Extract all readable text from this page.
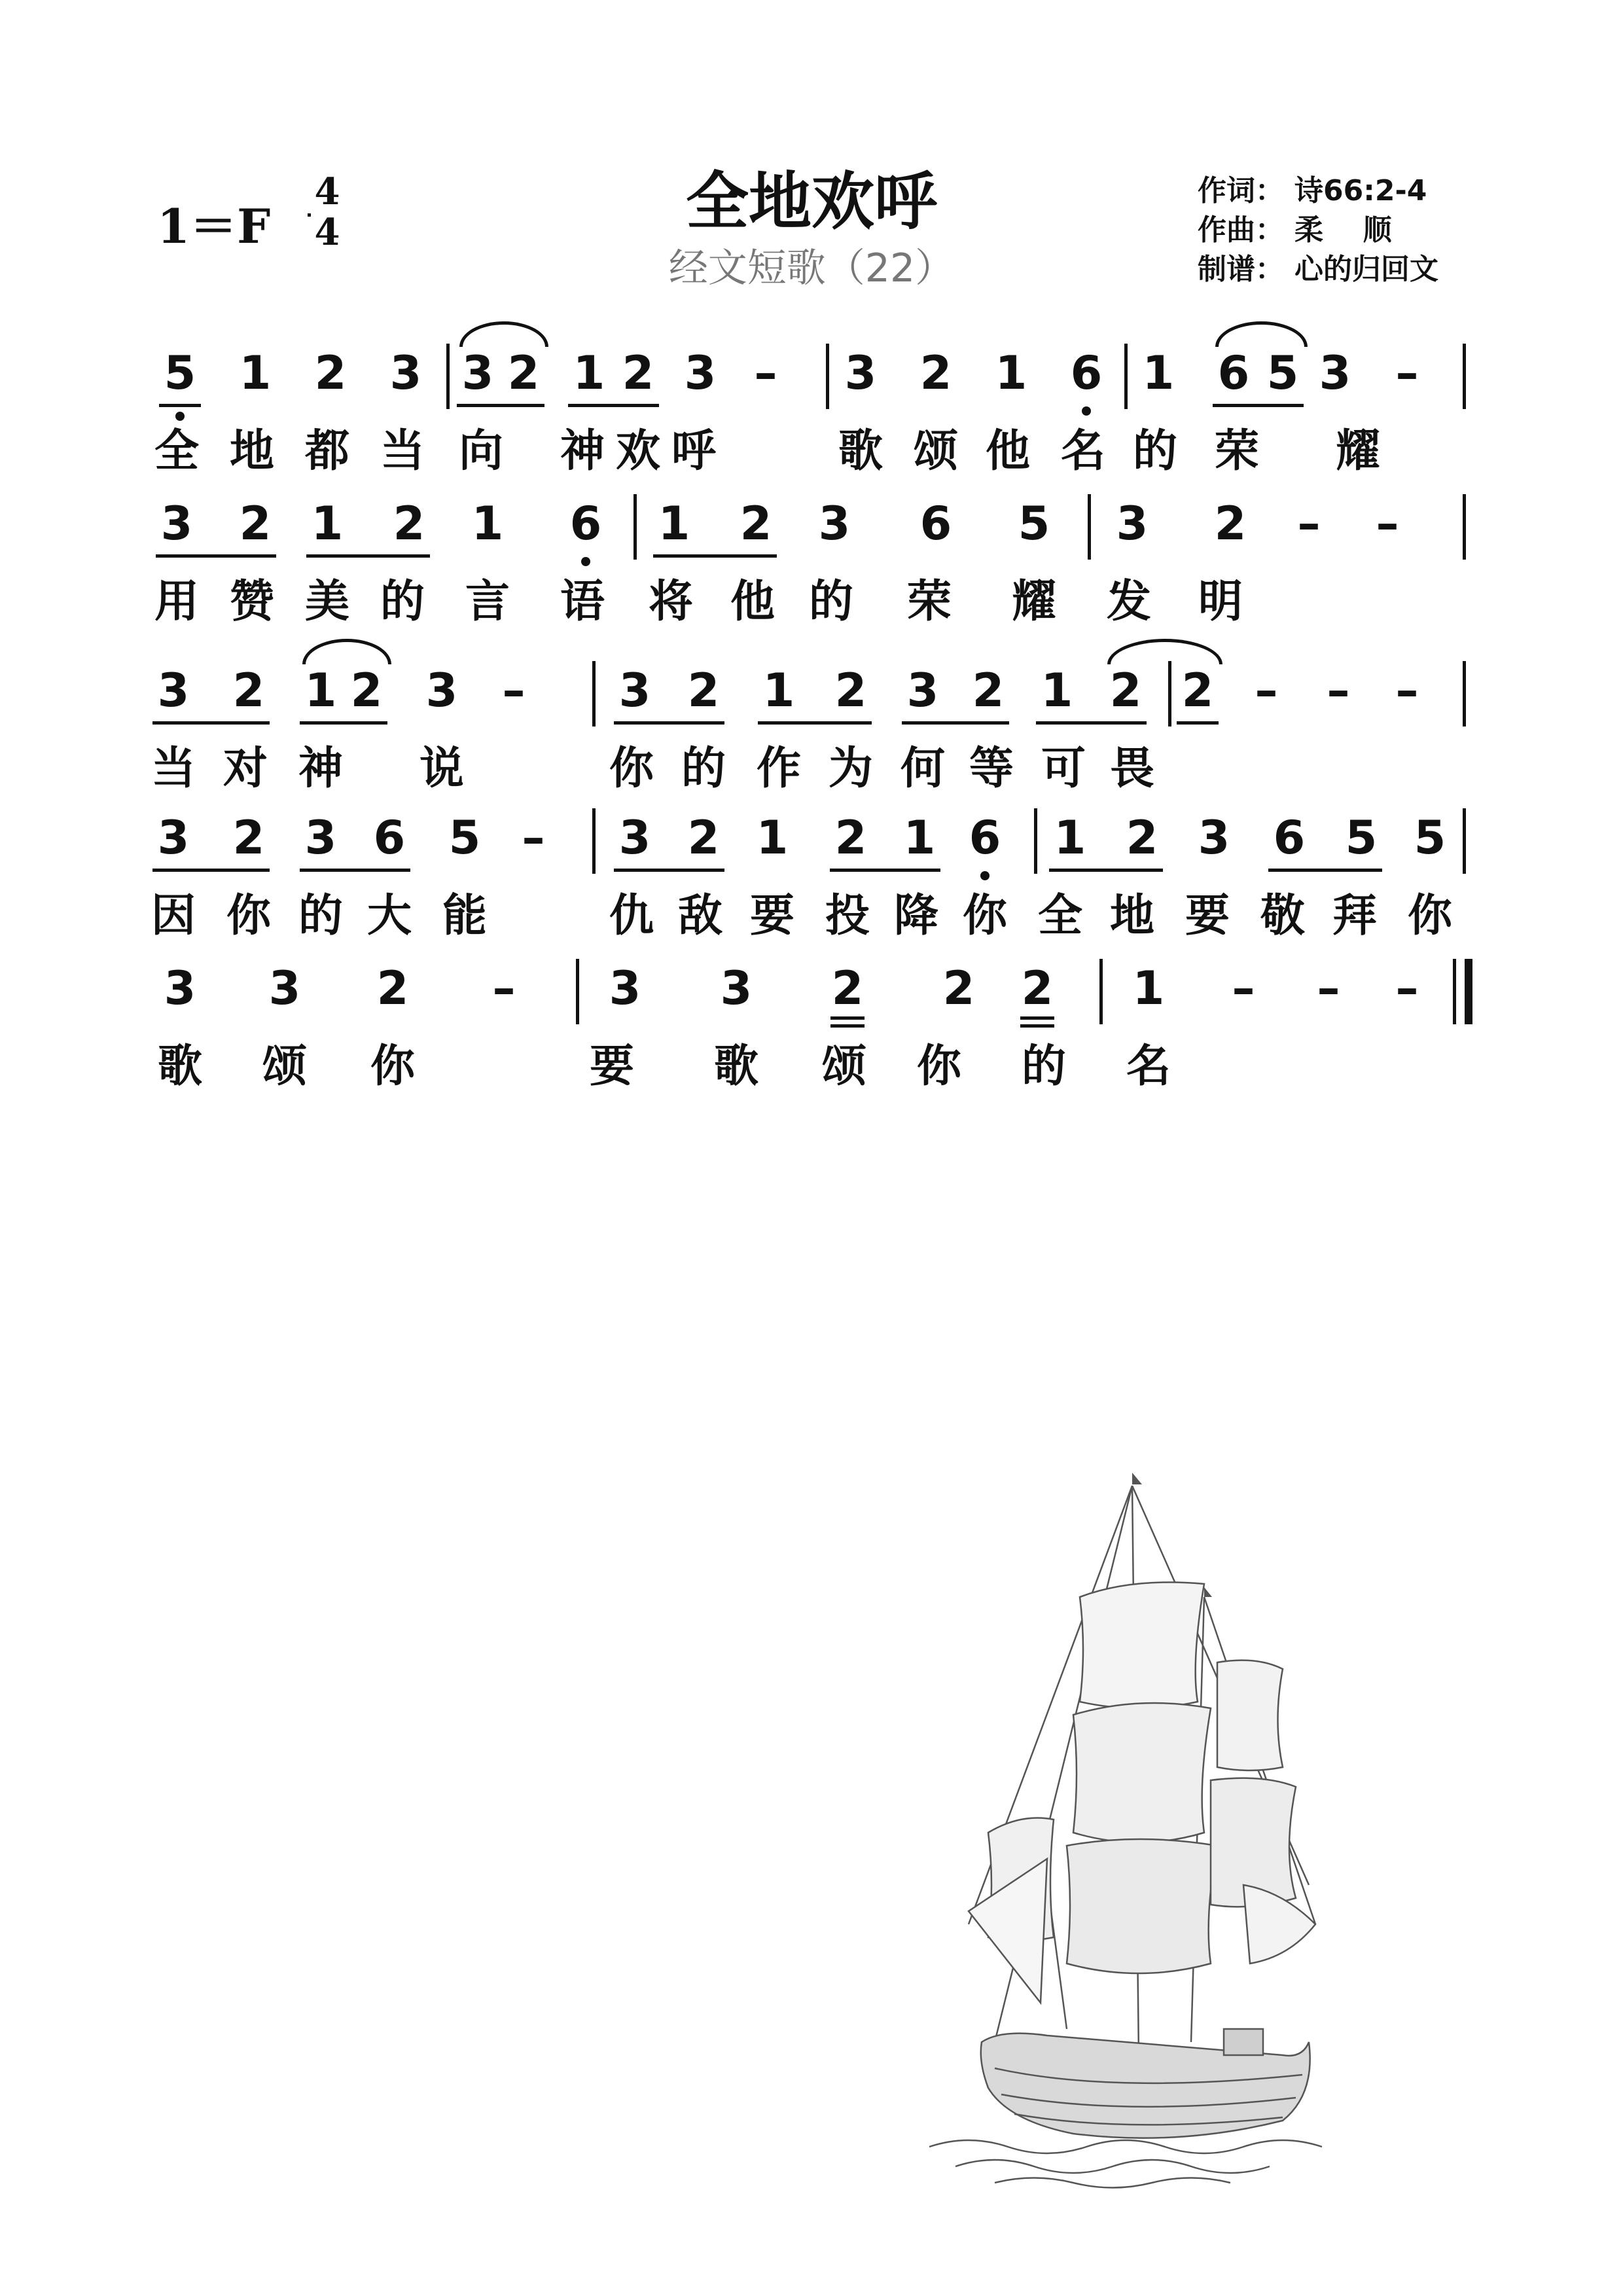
1＝F
4
4	全地欢呼
经文短歌（22）
作词： 诗66:2-4
作曲： 柔  顺
制谱： 心的归回文
5 1 2 3 3 2 1 2 3 – 3 2 1 6 1 6 5 3 –
全 地 都 当 向 神 欢 呼	歌 颂 他 名 的 荣 耀
3 2 1 2 1 6 1 2 3 6 5 3 2 – –
用 赞 美 的 言 语 将 他 的 荣 耀 发 明
3 2 1 2 3 – 3 2 1 2 3 2 1 2 2 – – –
当 对 神 说	你 的 作 为 何 等 可 畏
3 2 3 6 5 – 3 2 1 2 1 6 1 2 3 6 5 5
因 你 的 大 能	仇 敌 要 投 降 你 全 地 要 敬 拜 你
3 3 2 – 3 3 2 2 2 1 – – –
歌 颂 你	要 歌 颂 你 的 名
